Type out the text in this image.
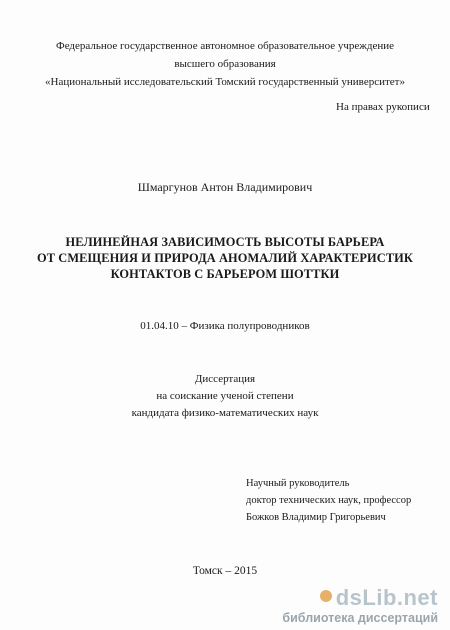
Федеральное государственное автономное образовательное учреждение
высшего образования
«Национальный исследовательский Томский государственный университет»
На правах рукописи
Шмаргунов Антон Владимирович
НЕЛИНЕЙНАЯ ЗАВИСИМОСТЬ ВЫСОТЫ БАРЬЕРА
ОТ СМЕЩЕНИЯ И ПРИРОДА АНОМАЛИЙ ХАРАКТЕРИСТИК
КОНТАКТОВ С БАРЬЕРОМ ШОТТКИ
01.04.10 – Физика полупроводников
Диссертация
на соискание ученой степени
кандидата физико-математических наук
Научный руководитель
доктор технических наук, профессор
Божков Владимир Григорьевич
Томск – 2015
dsLib.net
библиотека диссертаций
